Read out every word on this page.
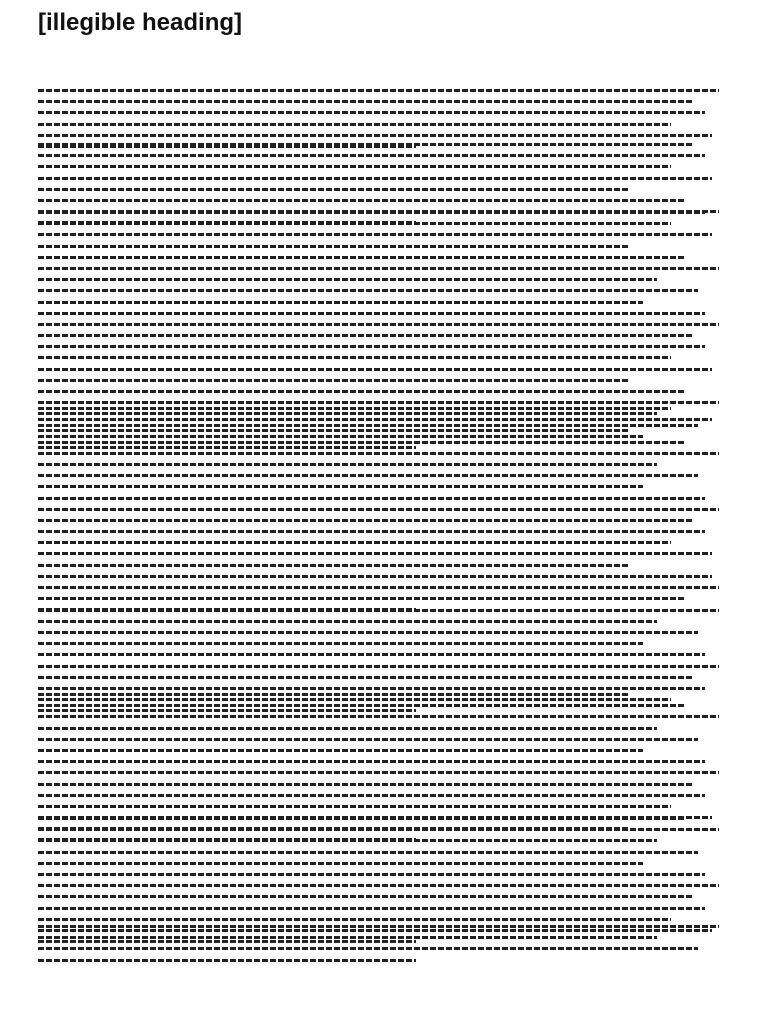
[illegible heading]
